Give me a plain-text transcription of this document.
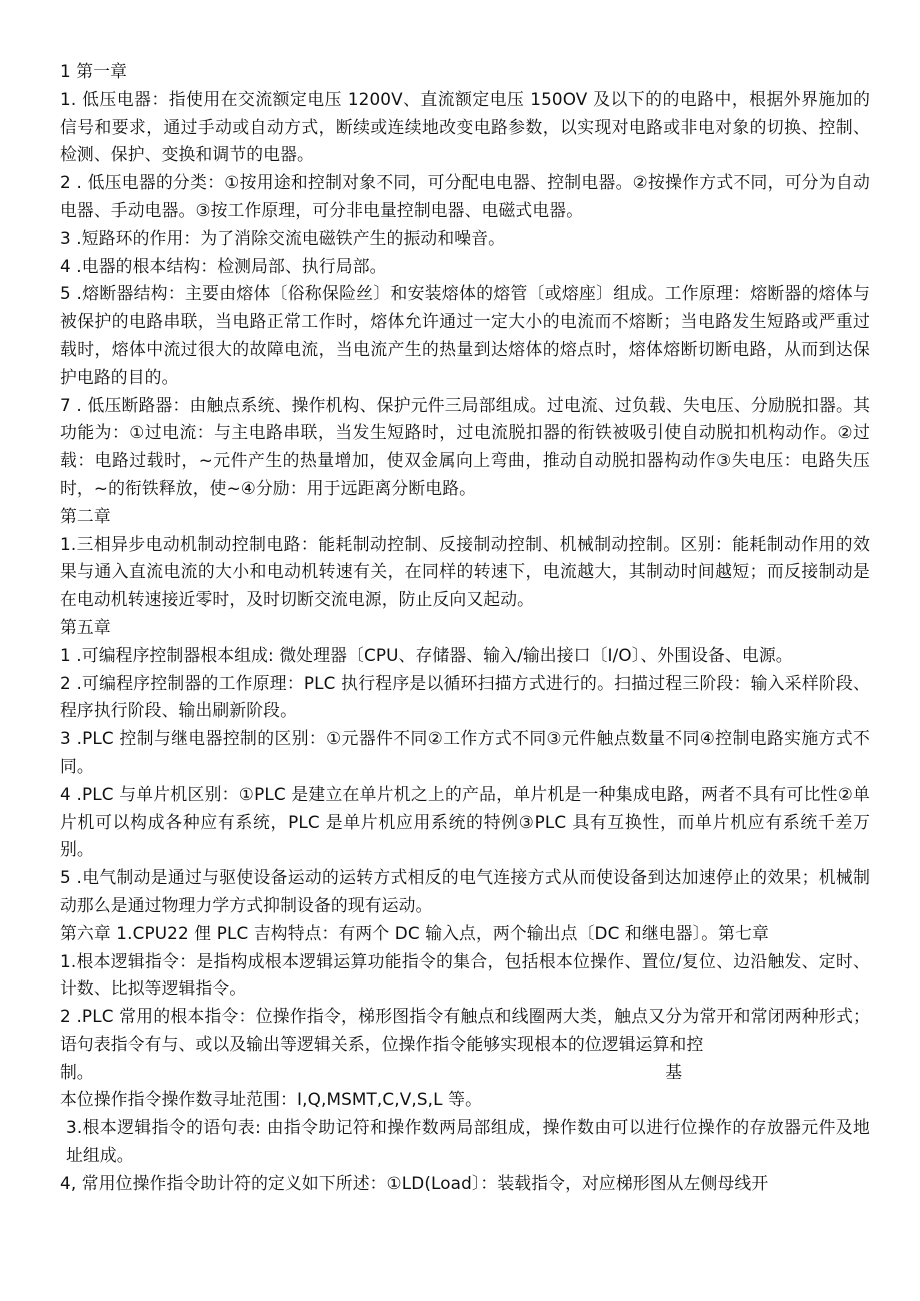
1 第一章

1. 低压电器：指使用在交流额定电压 1200V、直流额定电压 150OV 及以下的的电路中，根据外界施加的信号和要求，通过手动或自动方式，断续或连续地改变电路参数，以实现对电路或非电对象的切换、控制、检测、保护、变换和调节的电器。

2 . 低压电器的分类：①按用途和控制对象不同，可分配电电器、控制电器。②按操作方式不同，可分为自动电器、手动电器。③按工作原理，可分非电量控制电器、电磁式电器。

3 .短路环的作用：为了消除交流电磁铁产生的振动和噪音。

4 .电器的根本结构：检测局部、执行局部。

5 .熔断器结构：主要由熔体〔俗称保险丝〕和安装熔体的熔管〔或熔座〕组成。工作原理：熔断器的熔体与被保护的电路串联，当电路正常工作时，熔体允许通过一定大小的电流而不熔断；当电路发生短路或严重过载时，熔体中流过很大的故障电流，当电流产生的热量到达熔体的熔点时，熔体熔断切断电路，从而到达保护电路的目的。

7 . 低压断路器：由触点系统、操作机构、保护元件三局部组成。过电流、过负载、失电压、分励脱扣器。其功能为：①过电流：与主电路串联，当发生短路时，过电流脱扣器的衔铁被吸引使自动脱扣机构动作。②过载：电路过载时，~元件产生的热量增加，使双金属向上弯曲，推动自动脱扣器构动作③失电压：电路失压时，~的衔铁释放，使~④分励：用于远距离分断电路。

第二章

1.三相异步电动机制动控制电路：能耗制动控制、反接制动控制、机械制动控制。区别：能耗制动作用的效果与通入直流电流的大小和电动机转速有关，在同样的转速下，电流越大，其制动时间越短；而反接制动是在电动机转速接近零时，及时切断交流电源，防止反向又起动。

第五章

1 .可编程序控制器根本组成: 微处理器〔CPU、存储器、输入/输出接口〔I/O〕、外围设备、电源。

2 .可编程序控制器的工作原理：PLC 执行程序是以循环扫描方式进行的。扫描过程三阶段：输入采样阶段、程序执行阶段、输出刷新阶段。

3 .PLC 控制与继电器控制的区别：①元器件不同②工作方式不同③元件触点数量不同④控制电路实施方式不同。

4 .PLC 与单片机区别：①PLC 是建立在单片机之上的产品，单片机是一种集成电路，两者不具有可比性②单片机可以构成各种应有系统，PLC 是单片机应用系统的特例③PLC 具有互换性，而单片机应有系统千差万别。

5 .电气制动是通过与驱使设备运动的运转方式相反的电气连接方式从而使设备到达加速停止的效果；机械制动那么是通过物理力学方式抑制设备的现有运动。

第六章 1.CPU22 俚 PLC 吉构特点：有两个 DC 输入点，两个输出点〔DC 和继电器〕。第七章

1.根本逻辑指令：是指构成根本逻辑运算功能指令的集合，包括根本位操作、置位/复位、边沿触发、定时、计数、比拟等逻辑指令。

2 .PLC 常用的根本指令：位操作指令，梯形图指令有触点和线圈两大类，触点又分为常开和常闭两种形式；语句表指令有与、或以及输出等逻辑关系，位操作指令能够实现根本的位逻辑运算和控

制。	基

本位操作指令操作数寻址范围：I,Q,MSMT,C,V,S,L 等。

3.根本逻辑指令的语句表: 由指令助记符和操作数两局部组成，操作数由可以进行位操作的存放器元件及地址组成。

4, 常用位操作指令助计符的定义如下所述：①LD(Load〕：装载指令，对应梯形图从左侧母线开
